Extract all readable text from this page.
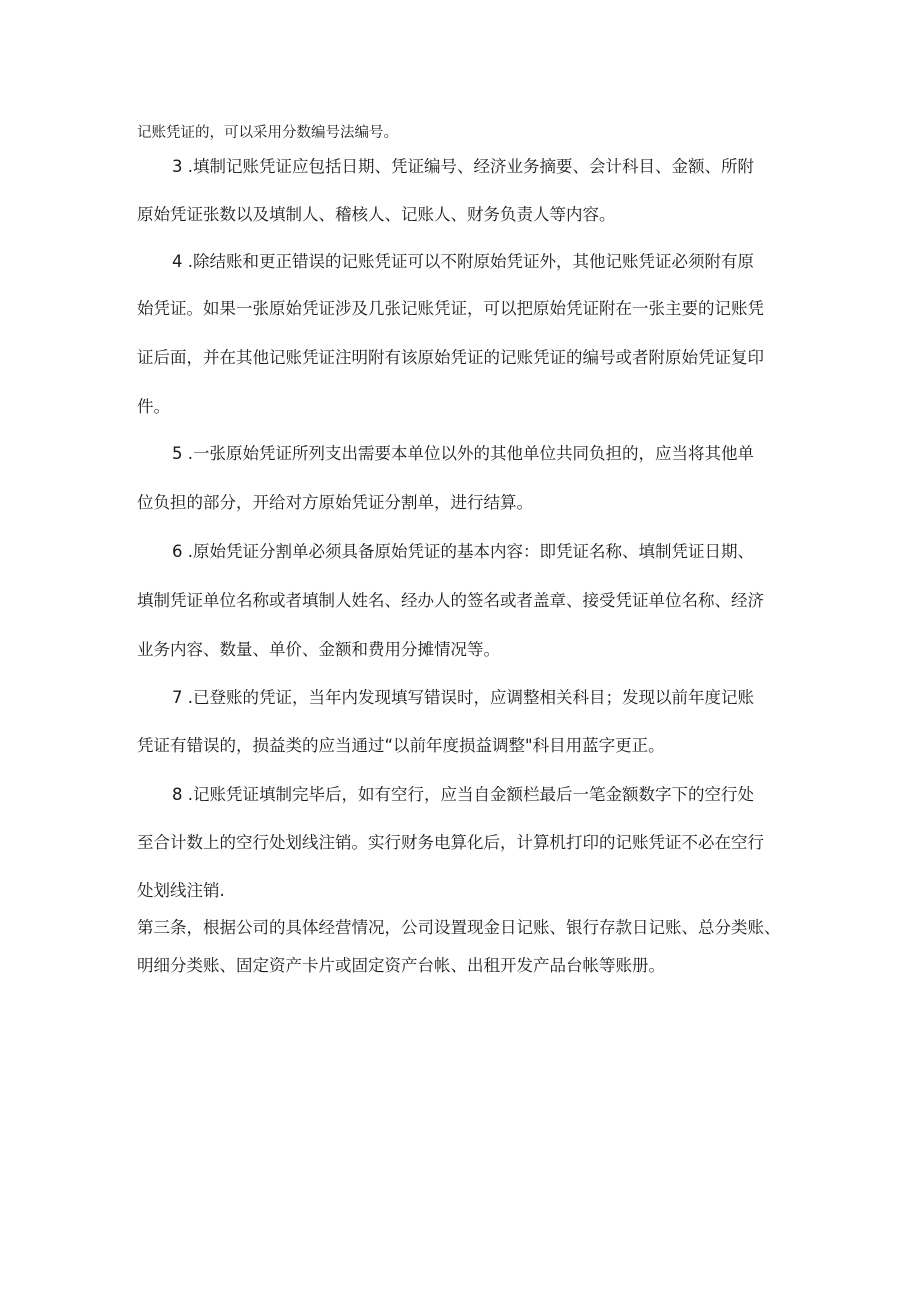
记账凭证的，可以采用分数编号法编号。
3 .填制记账凭证应包括日期、凭证编号、经济业务摘要、会计科目、金额、所附
原始凭证张数以及填制人、稽核人、记账人、财务负责人等内容。
4 .除结账和更正错误的记账凭证可以不附原始凭证外，其他记账凭证必须附有原
始凭证。如果一张原始凭证涉及几张记账凭证，可以把原始凭证附在一张主要的记账凭
证后面，并在其他记账凭证注明附有该原始凭证的记账凭证的编号或者附原始凭证复印
件。
5 .一张原始凭证所列支出需要本单位以外的其他单位共同负担的，应当将其他单
位负担的部分，开给对方原始凭证分割单，进行结算。
6 .原始凭证分割单必须具备原始凭证的基本内容：即凭证名称、填制凭证日期、
填制凭证单位名称或者填制人姓名、经办人的签名或者盖章、接受凭证单位名称、经济
业务内容、数量、单价、金额和费用分摊情况等。
7 .已登账的凭证，当年内发现填写错误时，应调整相关科目；发现以前年度记账
凭证有错误的，损益类的应当通过“以前年度损益调整"科目用蓝字更正。
8 .记账凭证填制完毕后，如有空行，应当自金额栏最后一笔金额数字下的空行处
至合计数上的空行处划线注销。实行财务电算化后，计算机打印的记账凭证不必在空行
处划线注销.
第三条，根据公司的具体经营情况，公司设置现金日记账、银行存款日记账、总分类账、
明细分类账、固定资产卡片或固定资产台帐、出租开发产品台帐等账册。
